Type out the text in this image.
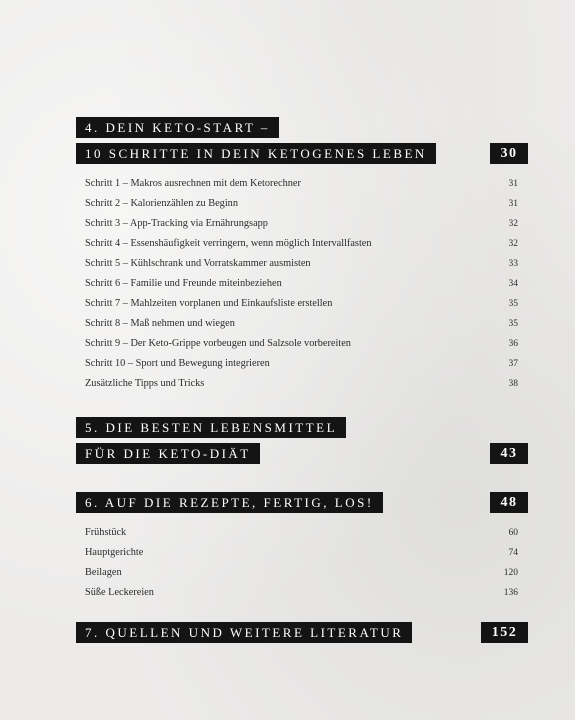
4. DEIN KETO-START –
10 SCHRITTE IN DEIN KETOGENES LEBEN	30
Schritt 1 – Makros ausrechnen mit dem Ketorechner	31
Schritt 2 – Kalorienzählen zu Beginn	31
Schritt 3 – App-Tracking via Ernährungsapp	32
Schritt 4 – Essenshäufigkeit verringern, wenn möglich Intervallfasten	32
Schritt 5 – Kühlschrank und Vorratskammer ausmisten	33
Schritt 6 – Familie und Freunde miteinbeziehen	34
Schritt 7 – Mahlzeiten vorplanen und Einkaufsliste erstellen	35
Schritt 8 – Maß nehmen und wiegen	35
Schritt 9 – Der Keto-Grippe vorbeugen und Salzsole vorbereiten	36
Schritt 10 – Sport und Bewegung integrieren	37
Zusätzliche Tipps und Tricks	38
5. DIE BESTEN LEBENSMITTEL
FÜR DIE KETO-DIÄT	43
6. AUF DIE REZEPTE, FERTIG, LOS!	48
Frühstück	60
Hauptgerichte	74
Beilagen	120
Süße Leckereien	136
7. QUELLEN UND WEITERE LITERATUR	152
